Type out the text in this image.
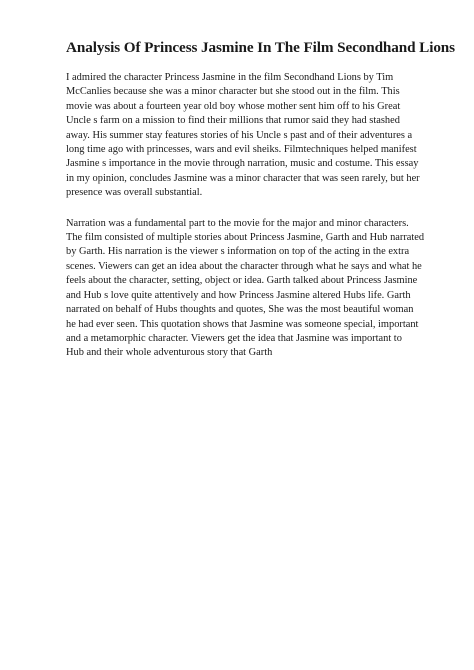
Analysis Of Princess Jasmine In The Film Secondhand Lions

I admired the character Princess Jasmine in the film Secondhand Lions by Tim
McCanlies because she was a minor character but she stood out in the film. This
movie was about a fourteen year old boy whose mother sent him off to his Great
Uncle s farm on a mission to find their millions that rumor said they had stashed
away. His summer stay features stories of his Uncle s past and of their adventures a
long time ago with princesses, wars and evil sheiks. Filmtechniques helped manifest
Jasmine s importance in the movie through narration, music and costume. This essay
in my opinion, concludes Jasmine was a minor character that was seen rarely, but her
presence was overall substantial.

Narration was a fundamental part to the movie for the major and minor characters.
The film consisted of multiple stories about Princess Jasmine, Garth and Hub narrated
by Garth. His narration is the viewer s information on top of the acting in the extra
scenes. Viewers can get an idea about the character through what he says and what he
feels about the character, setting, object or idea. Garth talked about Princess Jasmine
and Hub s love quite attentively and how Princess Jasmine altered Hubs life. Garth
narrated on behalf of Hubs thoughts and quotes, She was the most beautiful woman
he had ever seen. This quotation shows that Jasmine was someone special, important
and a metamorphic character. Viewers get the idea that Jasmine was important to
Hub and their whole adventurous story that Garth
